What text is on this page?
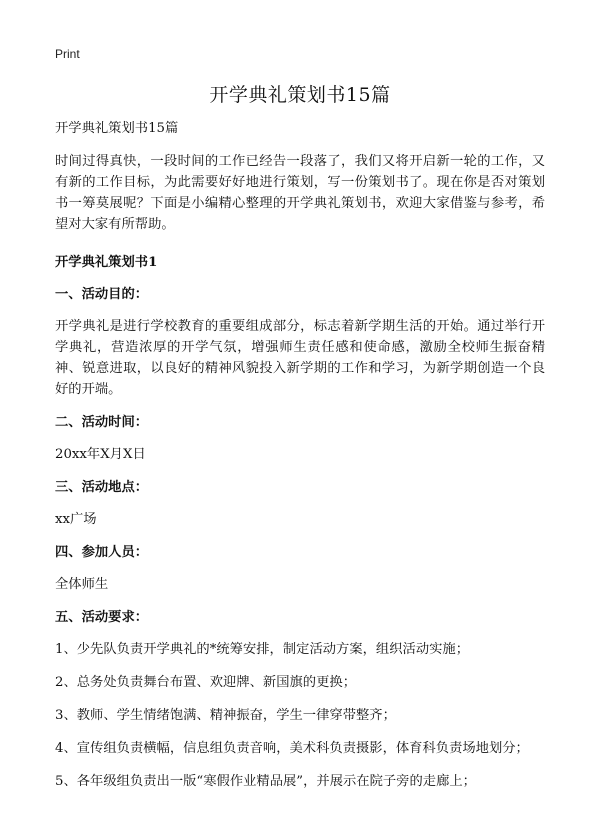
Print
开学典礼策划书15篇

开学典礼策划书15篇

时间过得真快，一段时间的工作已经告一段落了，我们又将开启新一轮的工作，又有新的工作目标，为此需要好好地进行策划，写一份策划书了。现在你是否对策划书一筹莫展呢？下面是小编精心整理的开学典礼策划书，欢迎大家借鉴与参考，希望对大家有所帮助。

开学典礼策划书1

一、活动目的：

开学典礼是进行学校教育的重要组成部分，标志着新学期生活的开始。通过举行开学典礼，营造浓厚的开学气氛，增强师生责任感和使命感，激励全校师生振奋精神、锐意进取，以良好的精神风貌投入新学期的工作和学习，为新学期创造一个良好的开端。

二、活动时间：

20xx年X月X日

三、活动地点：

xx广场

四、参加人员：

全体师生

五、活动要求：

1、少先队负责开学典礼的*统筹安排，制定活动方案，组织活动实施；

2、总务处负责舞台布置、欢迎牌、新国旗的更换；

3、教师、学生情绪饱满、精神振奋，学生一律穿带整齐；

4、宣传组负责横幅，信息组负责音响，美术科负责摄影，体育科负责场地划分；

5、各年级组负责出一版“寒假作业精品展”，并展示在院子旁的走廊上；
